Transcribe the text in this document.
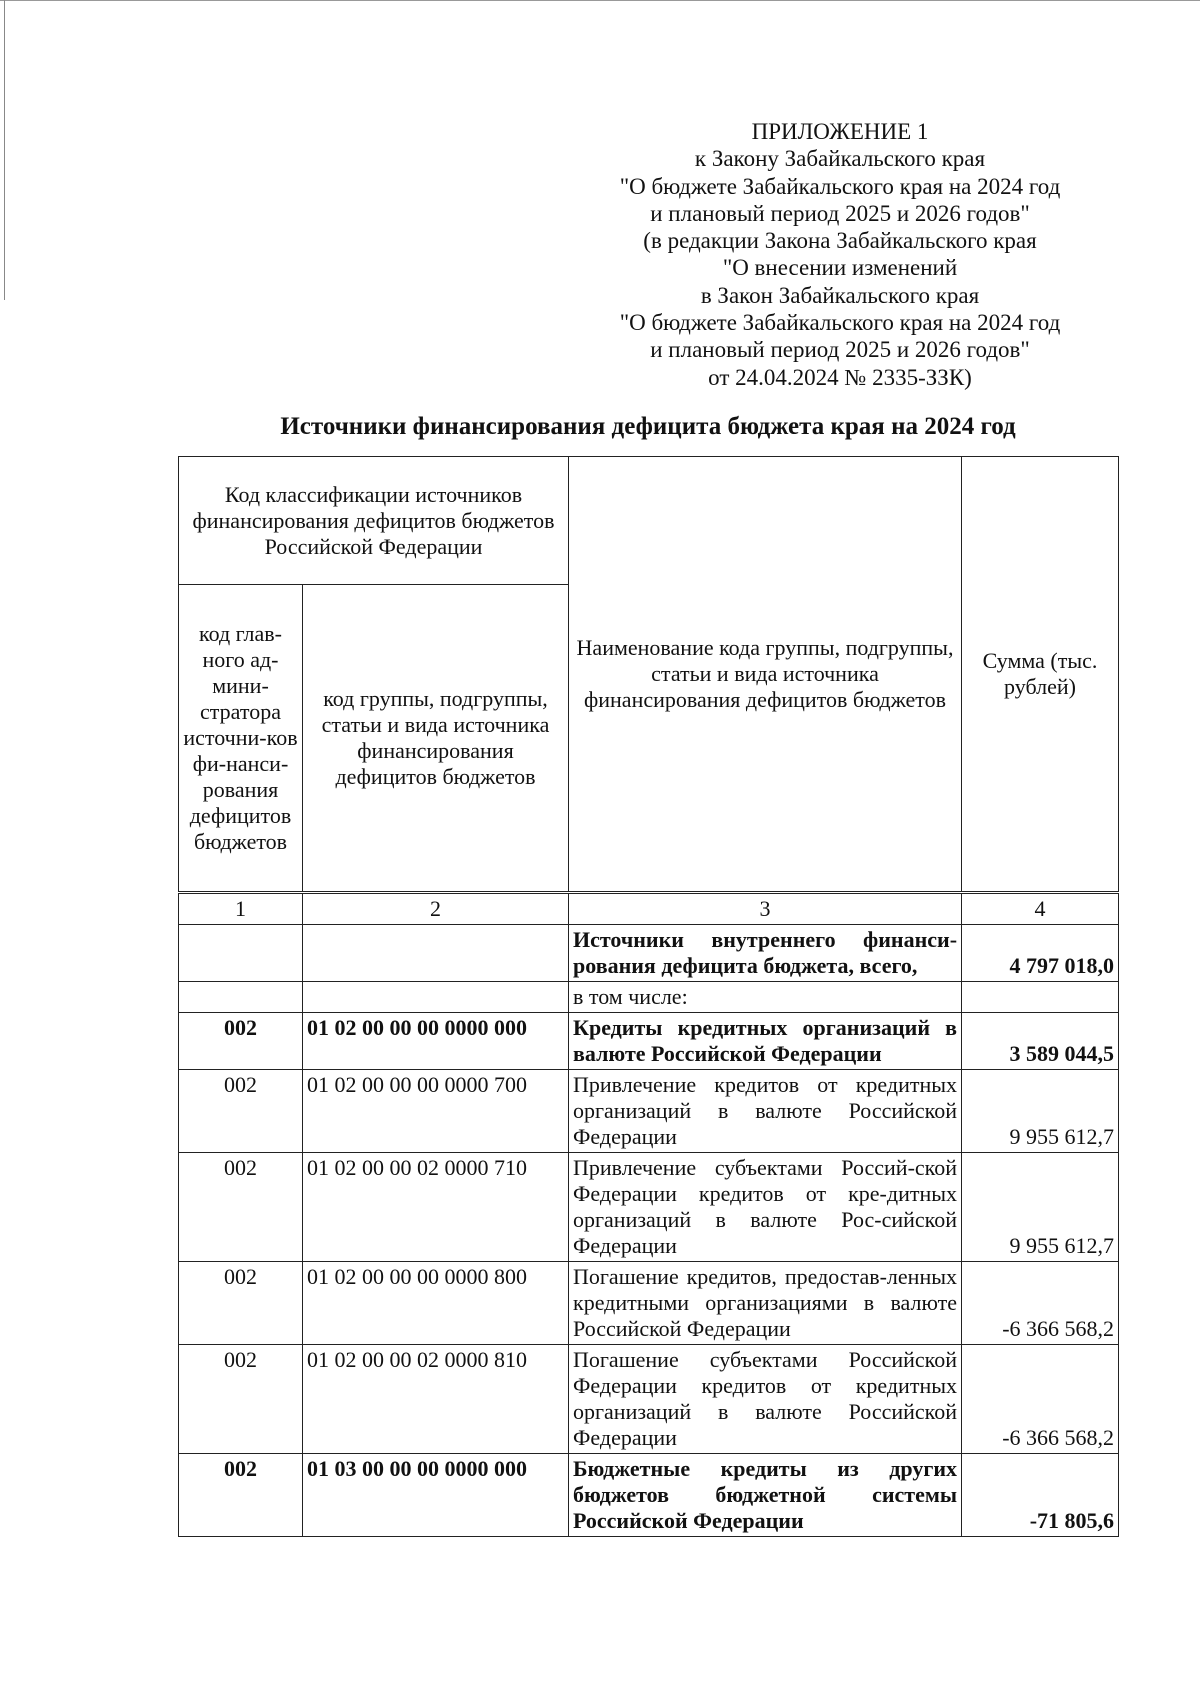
ПРИЛОЖЕНИЕ 1
к Закону Забайкальского края
"О бюджете Забайкальского края на 2024 год
и плановый период 2025 и 2026 годов"
(в редакции Закона Забайкальского края
"О внесении изменений
в Закон Забайкальского края
"О бюджете Забайкальского края на 2024 год
и плановый период 2025 и 2026 годов"
от 24.04.2024 № 2335-ЗЗК)
Источники финансирования дефицита бюджета края на 2024 год
Код классификации источников финансирования дефицитов бюджетов Российской Федерации		Наименование кода группы, подгруппы, статьи и вида источника финансирования дефицитов бюджетов	Сумма (тыс. рублей)
код глав-ного ад-мини-стратора источни-ков фи-нанси-рования дефицитов бюджетов	код группы, подгруппы, статьи и вида источника финансирования дефицитов бюджетов		
1	2	3	4
		Источники внутреннего финанси-рования дефицита бюджета, всего,	4 797 018,0
		в том числе:	
002	01 02 00 00 00 0000 000	Кредиты кредитных организаций в валюте Российской Федерации	3 589 044,5
002	01 02 00 00 00 0000 700	Привлечение кредитов от кредитных организаций в валюте Российской Федерации	9 955 612,7
002	01 02 00 00 02 0000 710	Привлечение субъектами Россий-ской Федерации кредитов от кре-дитных организаций в валюте Рос-сийской Федерации	9 955 612,7
002	01 02 00 00 00 0000 800	Погашение кредитов, предостав-ленных кредитными организациями в валюте Российской Федерации	-6 366 568,2
002	01 02 00 00 02 0000 810	Погашение субъектами Российской Федерации кредитов от кредитных организаций в валюте Российской Федерации	-6 366 568,2
002	01 03 00 00 00 0000 000	Бюджетные кредиты из других бюджетов бюджетной системы Российской Федерации	-71 805,6
